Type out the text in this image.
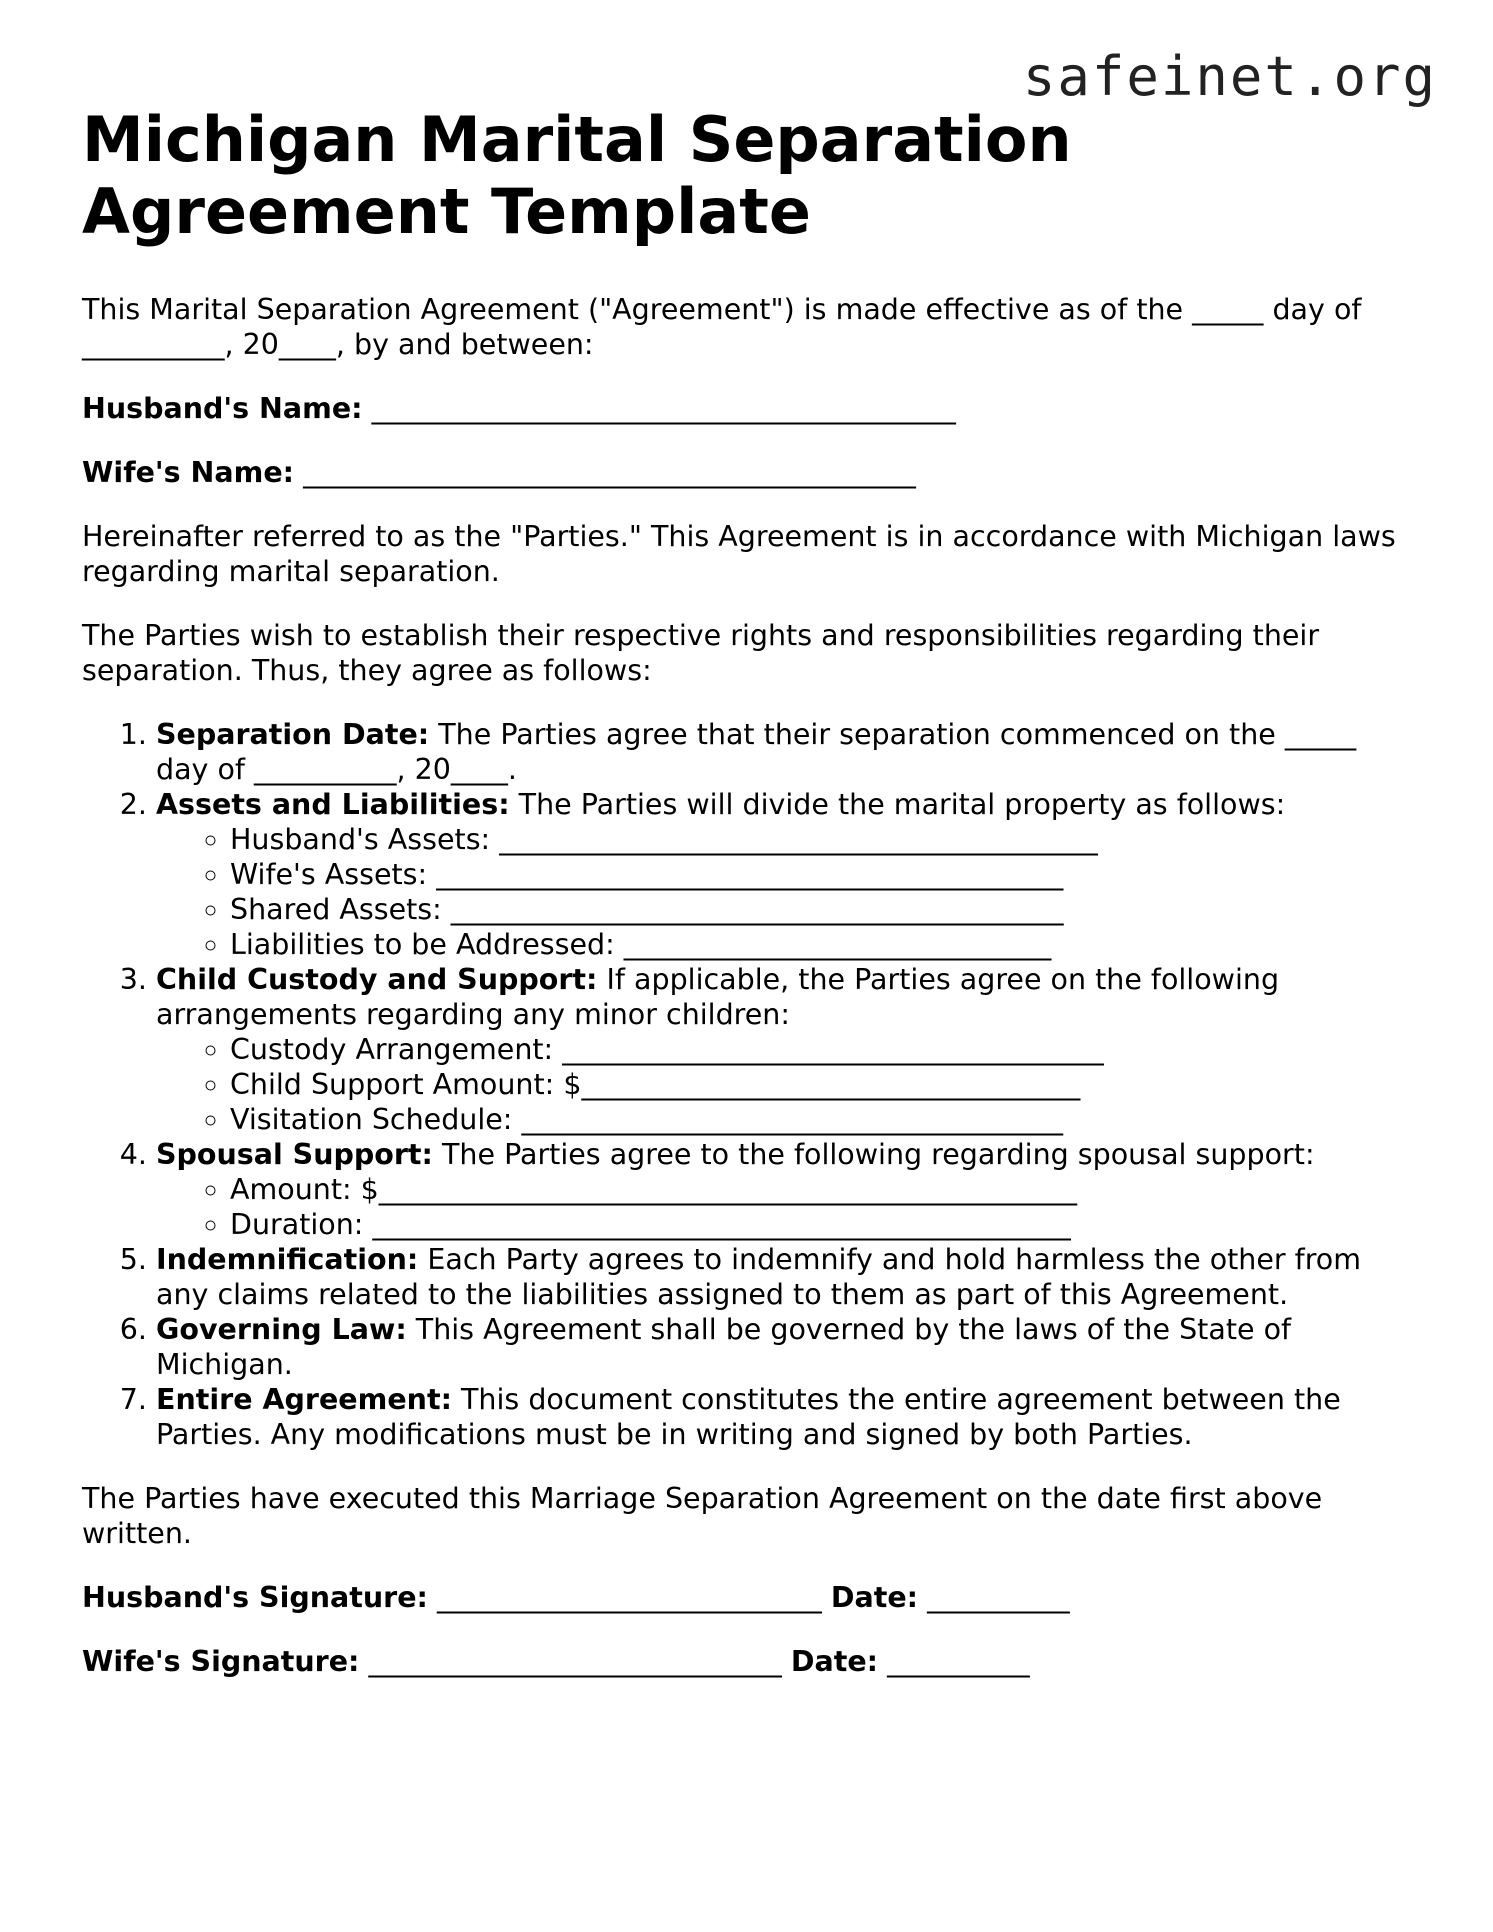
safeinet.org
Michigan Marital Separation Agreement Template

This Marital Separation Agreement ("Agreement") is made effective as of the _____ day of __________, 20____, by and between:

Husband's Name: _________________________________________

Wife's Name: ___________________________________________

Hereinafter referred to as the "Parties." This Agreement is in accordance with Michigan laws regarding marital separation.

The Parties wish to establish their respective rights and responsibilities regarding their separation. Thus, they agree as follows:

1. Separation Date: The Parties agree that their separation commenced on the _____ day of __________, 20____.
2. Assets and Liabilities: The Parties will divide the marital property as follows:
◦ Husband's Assets: __________________________________________
◦ Wife's Assets: ____________________________________________
◦ Shared Assets: ___________________________________________
◦ Liabilities to be Addressed: ______________________________
3. Child Custody and Support: If applicable, the Parties agree on the following arrangements regarding any minor children:
◦ Custody Arrangement: ______________________________________
◦ Child Support Amount: $___________________________________
◦ Visitation Schedule: ______________________________________
4. Spousal Support: The Parties agree to the following regarding spousal support:
◦ Amount: $_________________________________________________
◦ Duration: _________________________________________________
5. Indemnification: Each Party agrees to indemnify and hold harmless the other from any claims related to the liabilities assigned to them as part of this Agreement.
6. Governing Law: This Agreement shall be governed by the laws of the State of Michigan.
7. Entire Agreement: This document constitutes the entire agreement between the Parties. Any modifications must be in writing and signed by both Parties.

The Parties have executed this Marriage Separation Agreement on the date first above written.

Husband's Signature: ___________________________ Date: __________

Wife's Signature: _____________________________ Date: __________
